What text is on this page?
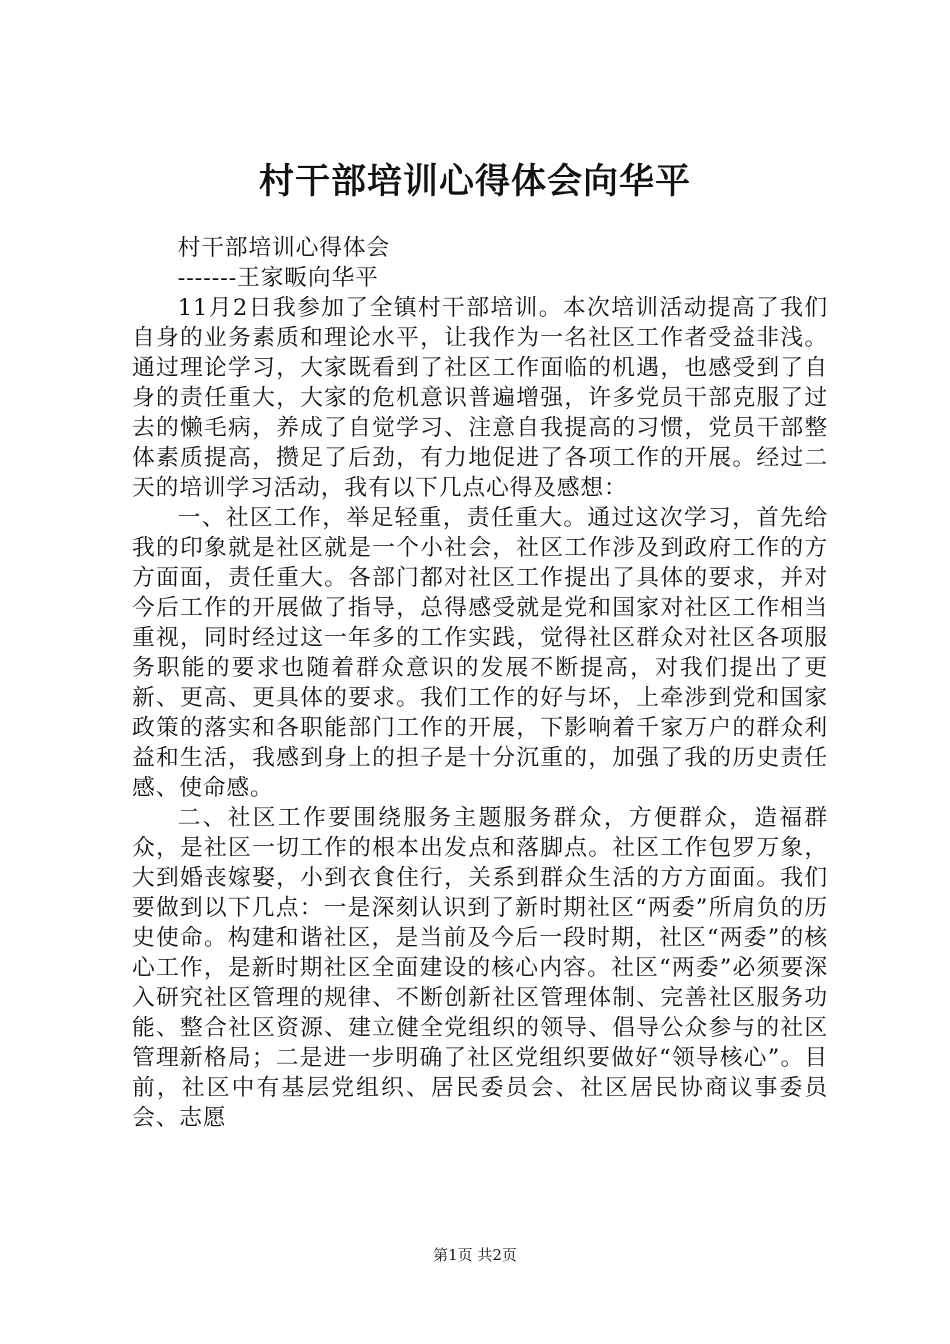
村干部培训心得体会向华平

村干部培训心得体会

-------王家畈向华平

11月2日我参加了全镇村干部培训。本次培训活动提高了我们自身的业务素质和理论水平，让我作为一名社区工作者受益非浅。通过理论学习，大家既看到了社区工作面临的机遇，也感受到了自身的责任重大，大家的危机意识普遍增强，许多党员干部克服了过去的懒毛病，养成了自觉学习、注意自我提高的习惯，党员干部整体素质提高，攒足了后劲，有力地促进了各项工作的开展。经过二天的培训学习活动，我有以下几点心得及感想：

一、社区工作，举足轻重，责任重大。通过这次学习，首先给我的印象就是社区就是一个小社会，社区工作涉及到政府工作的方方面面，责任重大。各部门都对社区工作提出了具体的要求，并对今后工作的开展做了指导，总得感受就是党和国家对社区工作相当重视，同时经过这一年多的工作实践，觉得社区群众对社区各项服务职能的要求也随着群众意识的发展不断提高，对我们提出了更新、更高、更具体的要求。我们工作的好与坏，上牵涉到党和国家政策的落实和各职能部门工作的开展，下影响着千家万户的群众利益和生活，我感到身上的担子是十分沉重的，加强了我的历史责任感、使命感。

二、社区工作要围绕服务主题服务群众，方便群众，造福群众，是社区一切工作的根本出发点和落脚点。社区工作包罗万象，大到婚丧嫁娶，小到衣食住行，关系到群众生活的方方面面。我们要做到以下几点：一是深刻认识到了新时期社区“两委”所肩负的历史使命。构建和谐社区，是当前及今后一段时期，社区“两委”的核心工作，是新时期社区全面建设的核心内容。社区“两委”必须要深入研究社区管理的规律、不断创新社区管理体制、完善社区服务功能、整合社区资源、建立健全党组织的领导、倡导公众参与的社区管理新格局；二是进一步明确了社区党组织要做好“领导核心”。目前，社区中有基层党组织、居民委员会、社区居民协商议事委员会、志愿

第1页 共2页
